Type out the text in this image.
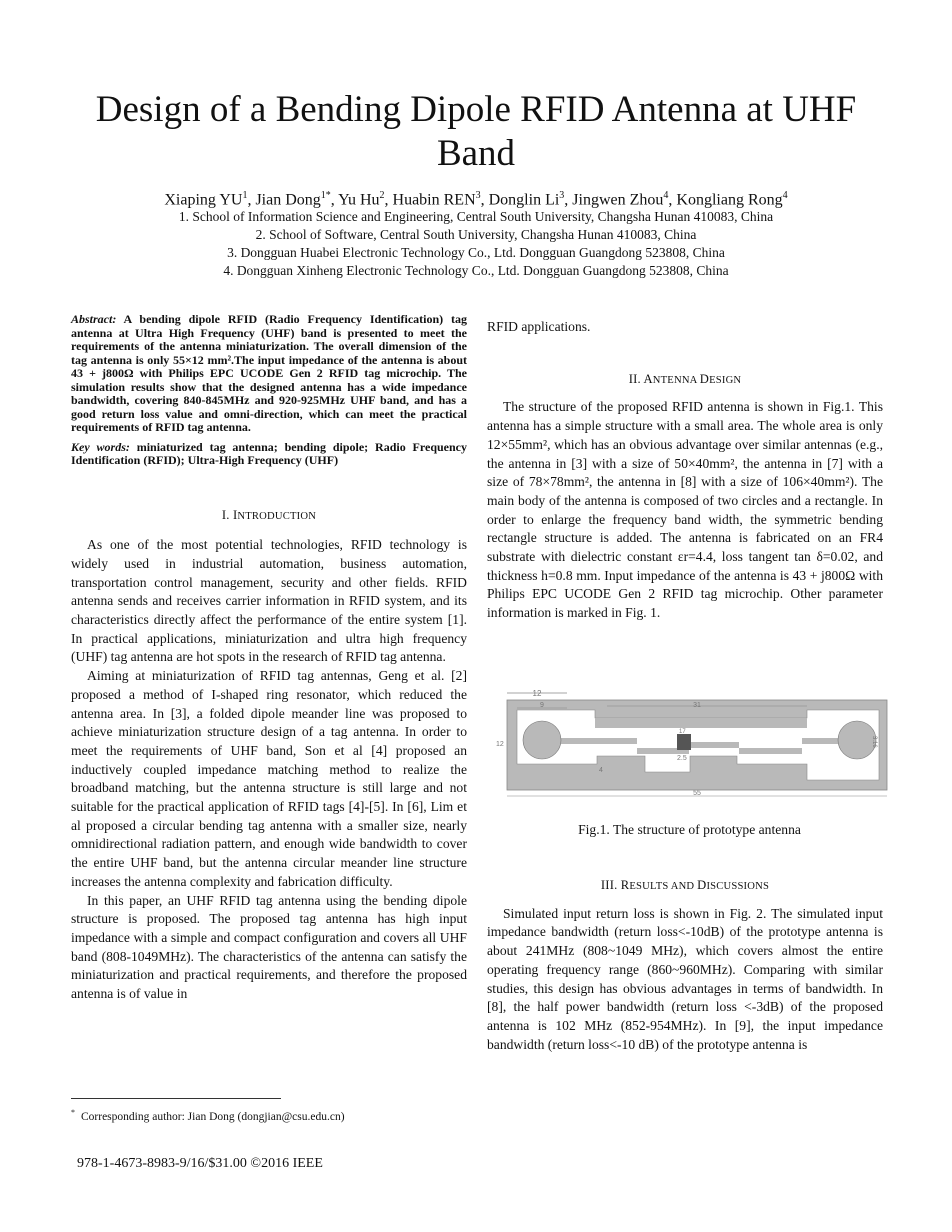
Design of a Bending Dipole RFID Antenna at UHF Band
Xiaping $YU^1$, Jian Dong$^{1*}$, Yu Hu$^2$, Huabin REN$^3$, Donglin Li$^3$, Jingwen Zhou$^4$, Kongliang Rong$^4$
1. School of Information Science and Engineering, Central South University, Changsha Hunan 410083, China
2. School of Software, Central South University, Changsha Hunan 410083, China
3. Dongguan Huabei Electronic Technology Co., Ltd. Dongguan Guangdong 523808, China
4. Dongguan Xinheng Electronic Technology Co., Ltd. Dongguan Guangdong 523808, China
Abstract: A bending dipole RFID (Radio Frequency Identification) tag antenna at Ultra High Frequency (UHF) band is presented to meet the requirements of the antenna miniaturization. The overall dimension of the tag antenna is only 55×12 mm².The input impedance of the antenna is about 43 + j800Ω with Philips EPC UCODE Gen 2 RFID tag microchip. The simulation results show that the designed antenna has a wide impedance bandwidth, covering 840-845MHz and 920-925MHz UHF band, and has a good return loss value and omni-direction, which can meet the practical requirements of RFID tag antenna.
Key words: miniaturized tag antenna; bending dipole; Radio Frequency Identification (RFID); Ultra-High Frequency (UHF)
I. INTRODUCTION

As one of the most potential technologies, RFID technology is widely used in industrial automation, business automation, transportation control management, security and other fields. RFID antenna sends and receives carrier information in RFID system, and its characteristics directly affect the performance of the entire system [1]. In practical applications, miniaturization and ultra high frequency (UHF) tag antenna are hot spots in the research of RFID tag antenna.

Aiming at miniaturization of RFID tag antennas, Geng et al. [2] proposed a method of I-shaped ring resonator, which reduced the antenna area. In [3], a folded dipole meander line was proposed to achieve miniaturization structure design of a tag antenna. In order to meet the requirements of UHF band, Son et al [4] proposed an inductively coupled impedance matching method to realize the broadband matching, but the antenna structure is still large and not suitable for the practical application of RFID tags [4]-[5]. In [6], Lim et al proposed a circular bending tag antenna with a smaller size, nearly omnidirectional radiation pattern, and enough wide bandwidth to cover the entire UHF band, but the antenna circular meander line structure increases the antenna complexity and fabrication difficulty.

In this paper, an UHF RFID tag antenna using the bending dipole structure is proposed. The proposed tag antenna has high input impedance with a simple and compact configuration and covers all UHF band (808-1049MHz). The characteristics of the antenna can satisfy the miniaturization and practical requirements, and therefore the proposed antenna is of value in

RFID applications.

II. ANTENNA DESIGN

The structure of the proposed RFID antenna is shown in Fig.1. This antenna has a simple structure with a small area. The whole area is only 12×55mm², which has an obvious advantage over similar antennas (e.g., the antenna in [3] with a size of 50×40mm², the antenna in [7] with a size of 78×78mm², the antenna in [8] with a size of 106×40mm²). The main body of the antenna is composed of two circles and a rectangle. In order to enlarge the frequency band width, the symmetric bending rectangle structure is added. The antenna is fabricated on an FR4 substrate with dielectric constant εr=4.4, loss tangent tan δ=0.02, and thickness h=0.8 mm. Input impedance of the antenna is 43 + j800Ω with Philips EPC UCODE Gen 2 RFID tag microchip. Other parameter information is marked in Fig. 1.

12
9	31
12	3.16
4
17
2.5
55
Fig.1. The structure of prototype antenna
III. RESULTS AND DISCUSSIONS

Simulated input return loss is shown in Fig. 2. The simulated input impedance bandwidth (return loss<-10dB) of the prototype antenna is about 241MHz (808~1049 MHz), which covers almost the entire operating frequency range (860~960MHz). Comparing with similar studies, this design has obvious advantages in terms of bandwidth. In [8], the half power bandwidth (return loss <-3dB) of the proposed antenna is 102 MHz (852-954MHz). In [9], the input impedance bandwidth (return loss<-10 dB) of the prototype antenna is

* Corresponding author: Jian Dong (dongjian@csu.edu.cn)
978-1-4673-8983-9/16/$31.00 ©2016 IEEE
